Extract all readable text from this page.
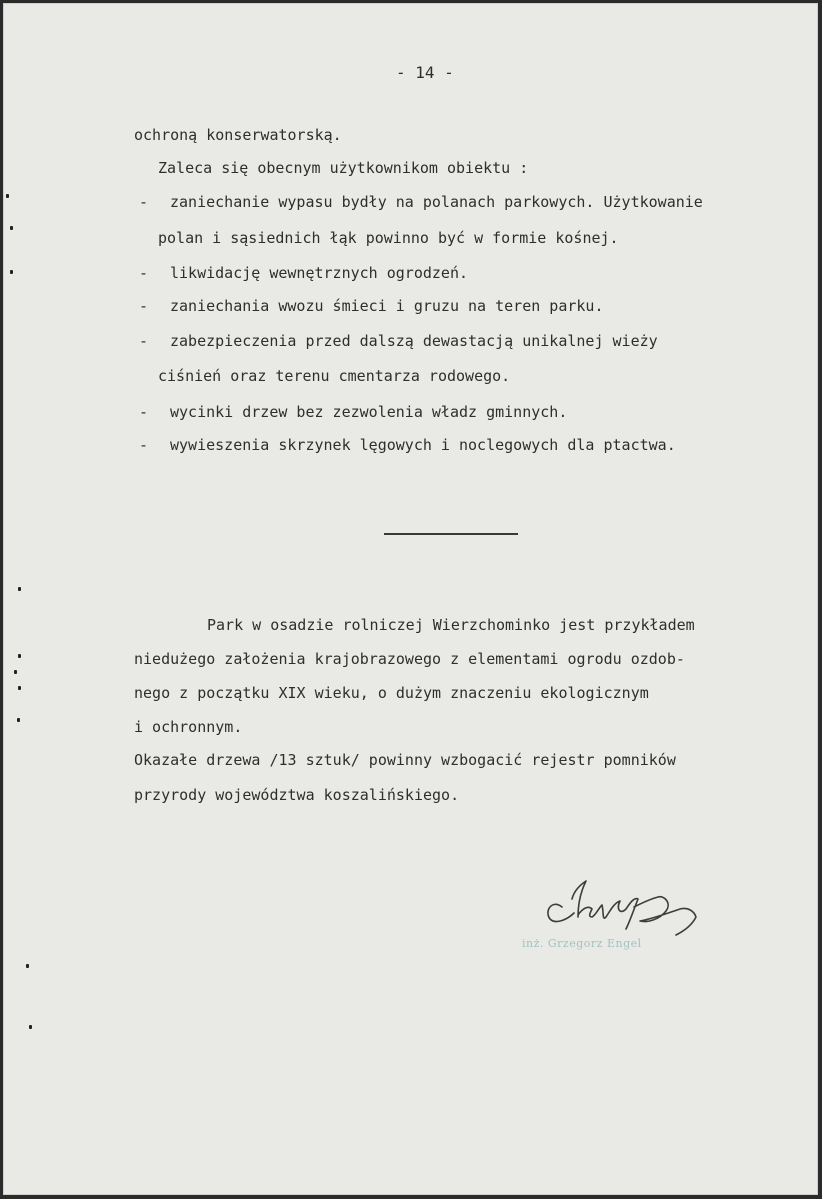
- 14 -
ochroną konserwatorską.
Zaleca się obecnym użytkownikom obiektu :
- zaniechanie wypasu bydły na polanach parkowych. Użytkowanie
polan i sąsiednich łąk powinno być w formie kośnej.
- likwidację wewnętrznych ogrodzeń.
- zaniechania wwozu śmieci i gruzu na teren parku.
- zabezpieczenia przed dalszą dewastacją unikalnej wieży
ciśnień oraz terenu cmentarza rodowego.
- wycinki drzew bez zezwolenia władz gminnych.
- wywieszenia skrzynek lęgowych i noclegowych dla ptactwa.
Park w osadzie rolniczej Wierzchominko jest przykładem
niedużego założenia krajobrazowego z elementami ogrodu ozdob-
nego z początku XIX wieku, o dużym znaczeniu ekologicznym
i ochronnym.
Okazałe drzewa /13 sztuk/ powinny wzbogacić rejestr pomników
przyrody województwa koszalińskiego.
inż. Grzegorz Engel
